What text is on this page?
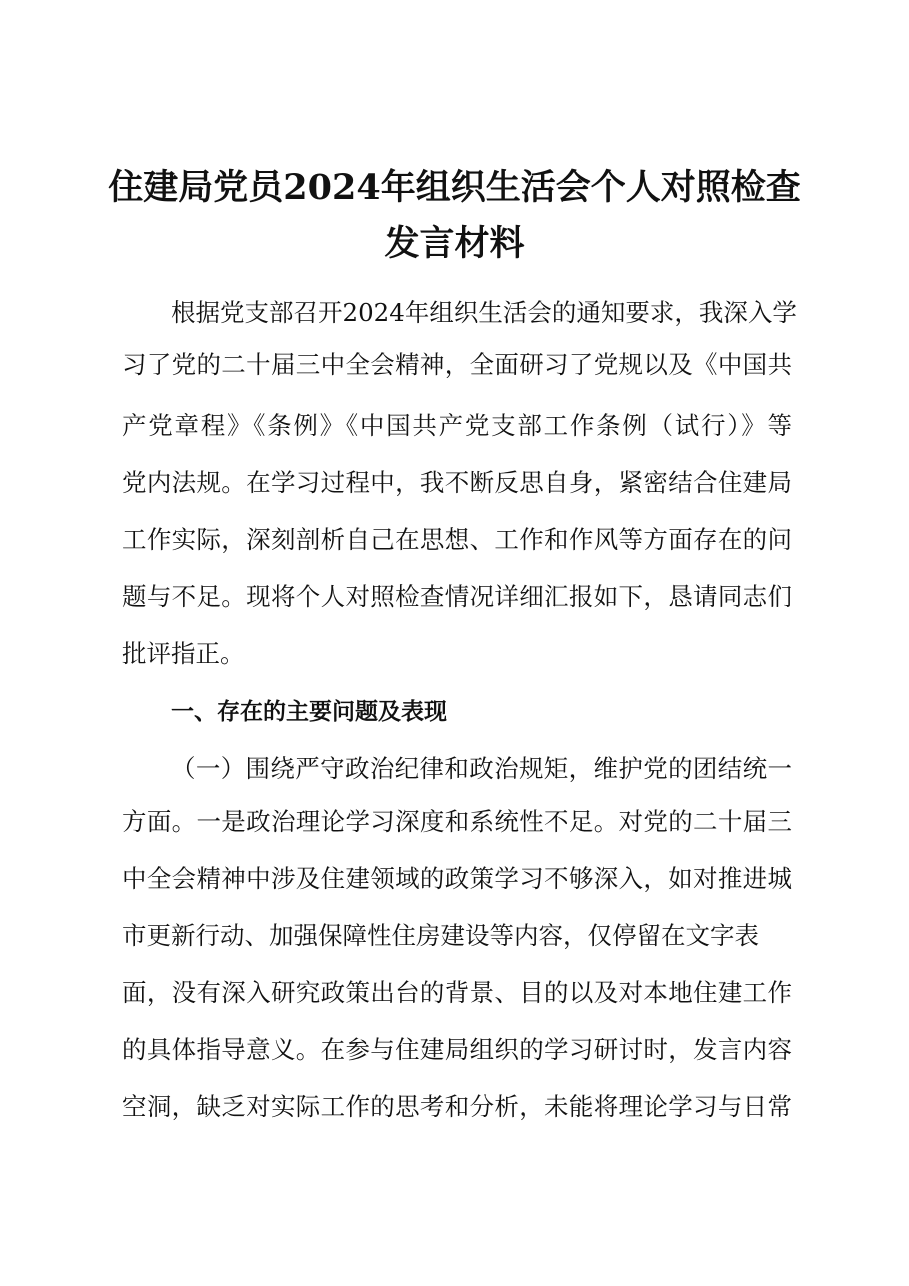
住建局党员2024年组织生活会个人对照检查
发言材料

根据党支部召开2024年组织生活会的通知要求，我深入学

习了党的二十届三中全会精神，全面研习了党规以及《中国共

产党章程》《条例》《中国共产党支部工作条例（试行）》等

党内法规。在学习过程中，我不断反思自身，紧密结合住建局

工作实际，深刻剖析自己在思想、工作和作风等方面存在的问

题与不足。现将个人对照检查情况详细汇报如下，恳请同志们

批评指正。

一、存在的主要问题及表现

（一）围绕严守政治纪律和政治规矩，维护党的团结统一

方面。一是政治理论学习深度和系统性不足。对党的二十届三

中全会精神中涉及住建领域的政策学习不够深入，如对推进城

市更新行动、加强保障性住房建设等内容，仅停留在文字表

面，没有深入研究政策出台的背景、目的以及对本地住建工作

的具体指导意义。在参与住建局组织的学习研讨时，发言内容

空洞，缺乏对实际工作的思考和分析，未能将理论学习与日常
